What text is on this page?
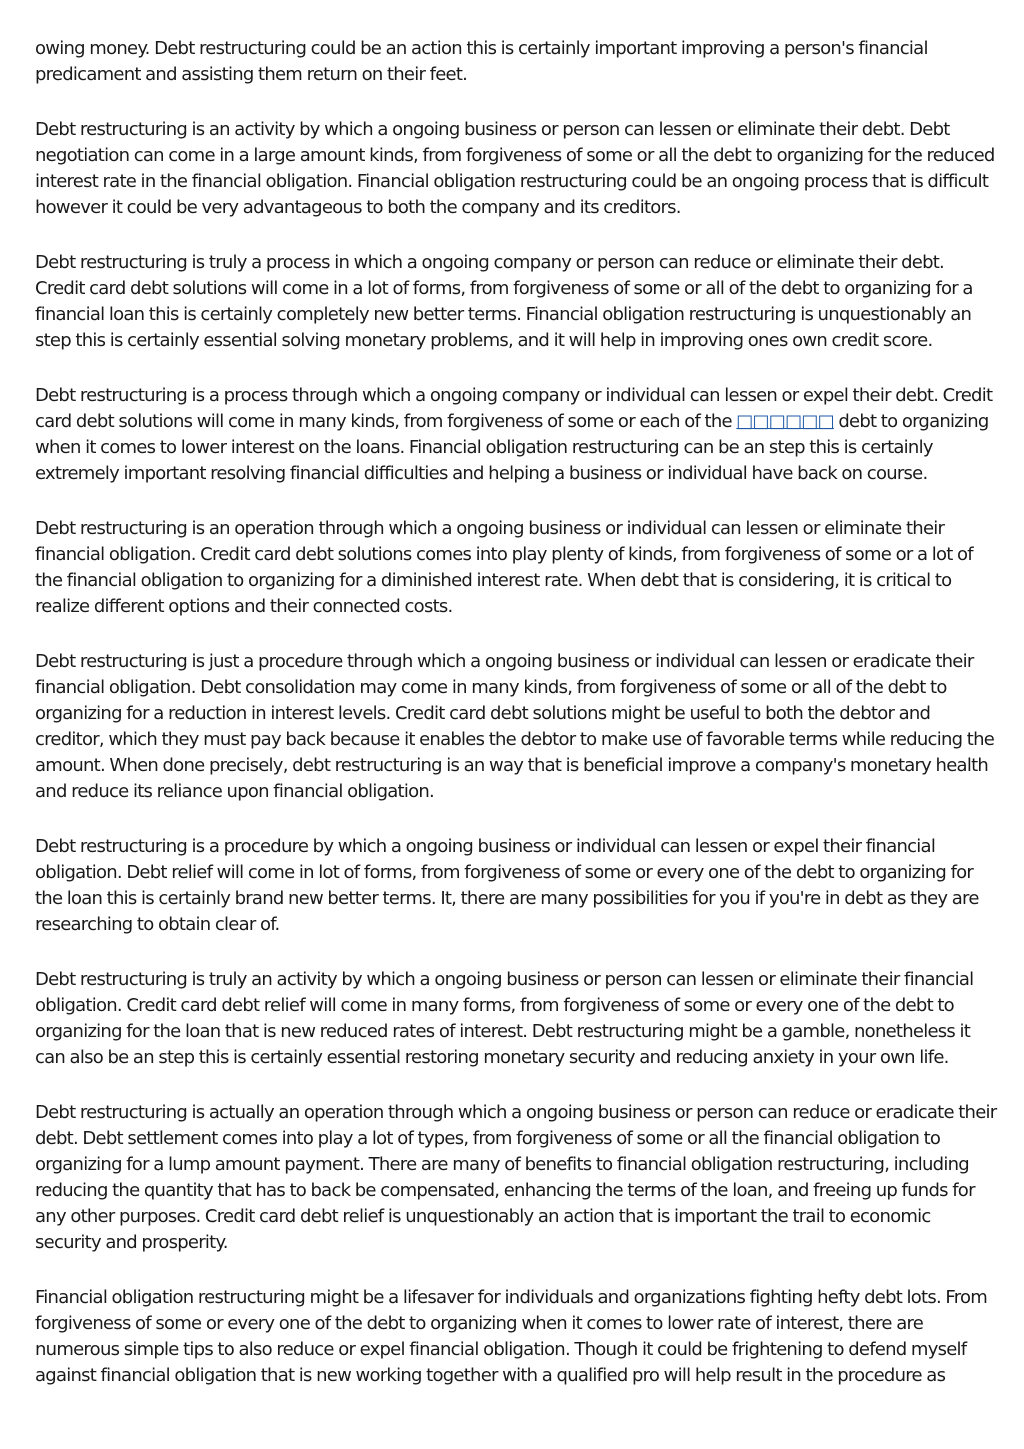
owing money. Debt restructuring could be an action this is certainly important improving a person's financial predicament and assisting them return on their feet.

Debt restructuring is an activity by which a ongoing business or person can lessen or eliminate their debt. Debt negotiation can come in a large amount kinds, from forgiveness of some or all the debt to organizing for the reduced interest rate in the financial obligation. Financial obligation restructuring could be an ongoing process that is difficult however it could be very advantageous to both the company and its creditors.

Debt restructuring is truly a process in which a ongoing company or person can reduce or eliminate their debt. Credit card debt solutions will come in a lot of forms, from forgiveness of some or all of the debt to organizing for a financial loan this is certainly completely new better terms. Financial obligation restructuring is unquestionably an step this is certainly essential solving monetary problems, and it will help in improving ones own credit score.

Debt restructuring is a process through which a ongoing company or individual can lessen or expel their debt. Credit card debt solutions will come in many kinds, from forgiveness of some or each of the □□□□□□ debt to organizing when it comes to lower interest on the loans. Financial obligation restructuring can be an step this is certainly extremely important resolving financial difficulties and helping a business or individual have back on course.

Debt restructuring is an operation through which a ongoing business or individual can lessen or eliminate their financial obligation. Credit card debt solutions comes into play plenty of kinds, from forgiveness of some or a lot of the financial obligation to organizing for a diminished interest rate. When debt that is considering, it is critical to realize different options and their connected costs.

Debt restructuring is just a procedure through which a ongoing business or individual can lessen or eradicate their financial obligation. Debt consolidation may come in many kinds, from forgiveness of some or all of the debt to organizing for a reduction in interest levels. Credit card debt solutions might be useful to both the debtor and creditor, which they must pay back because it enables the debtor to make use of favorable terms while reducing the amount. When done precisely, debt restructuring is an way that is beneficial improve a company's monetary health and reduce its reliance upon financial obligation.

Debt restructuring is a procedure by which a ongoing business or individual can lessen or expel their financial obligation. Debt relief will come in lot of forms, from forgiveness of some or every one of the debt to organizing for the loan this is certainly brand new better terms. It, there are many possibilities for you if you're in debt as they are researching to obtain clear of.

Debt restructuring is truly an activity by which a ongoing business or person can lessen or eliminate their financial obligation. Credit card debt relief will come in many forms, from forgiveness of some or every one of the debt to organizing for the loan that is new reduced rates of interest. Debt restructuring might be a gamble, nonetheless it can also be an step this is certainly essential restoring monetary security and reducing anxiety in your own life.

Debt restructuring is actually an operation through which a ongoing business or person can reduce or eradicate their debt. Debt settlement comes into play a lot of types, from forgiveness of some or all the financial obligation to organizing for a lump amount payment. There are many of benefits to financial obligation restructuring, including reducing the quantity that has to back be compensated, enhancing the terms of the loan, and freeing up funds for any other purposes. Credit card debt relief is unquestionably an action that is important the trail to economic security and prosperity.

Financial obligation restructuring might be a lifesaver for individuals and organizations fighting hefty debt lots. From forgiveness of some or every one of the debt to organizing when it comes to lower rate of interest, there are numerous simple tips to also reduce or expel financial obligation. Though it could be frightening to defend myself against financial obligation that is new working together with a qualified pro will help result in the procedure as
